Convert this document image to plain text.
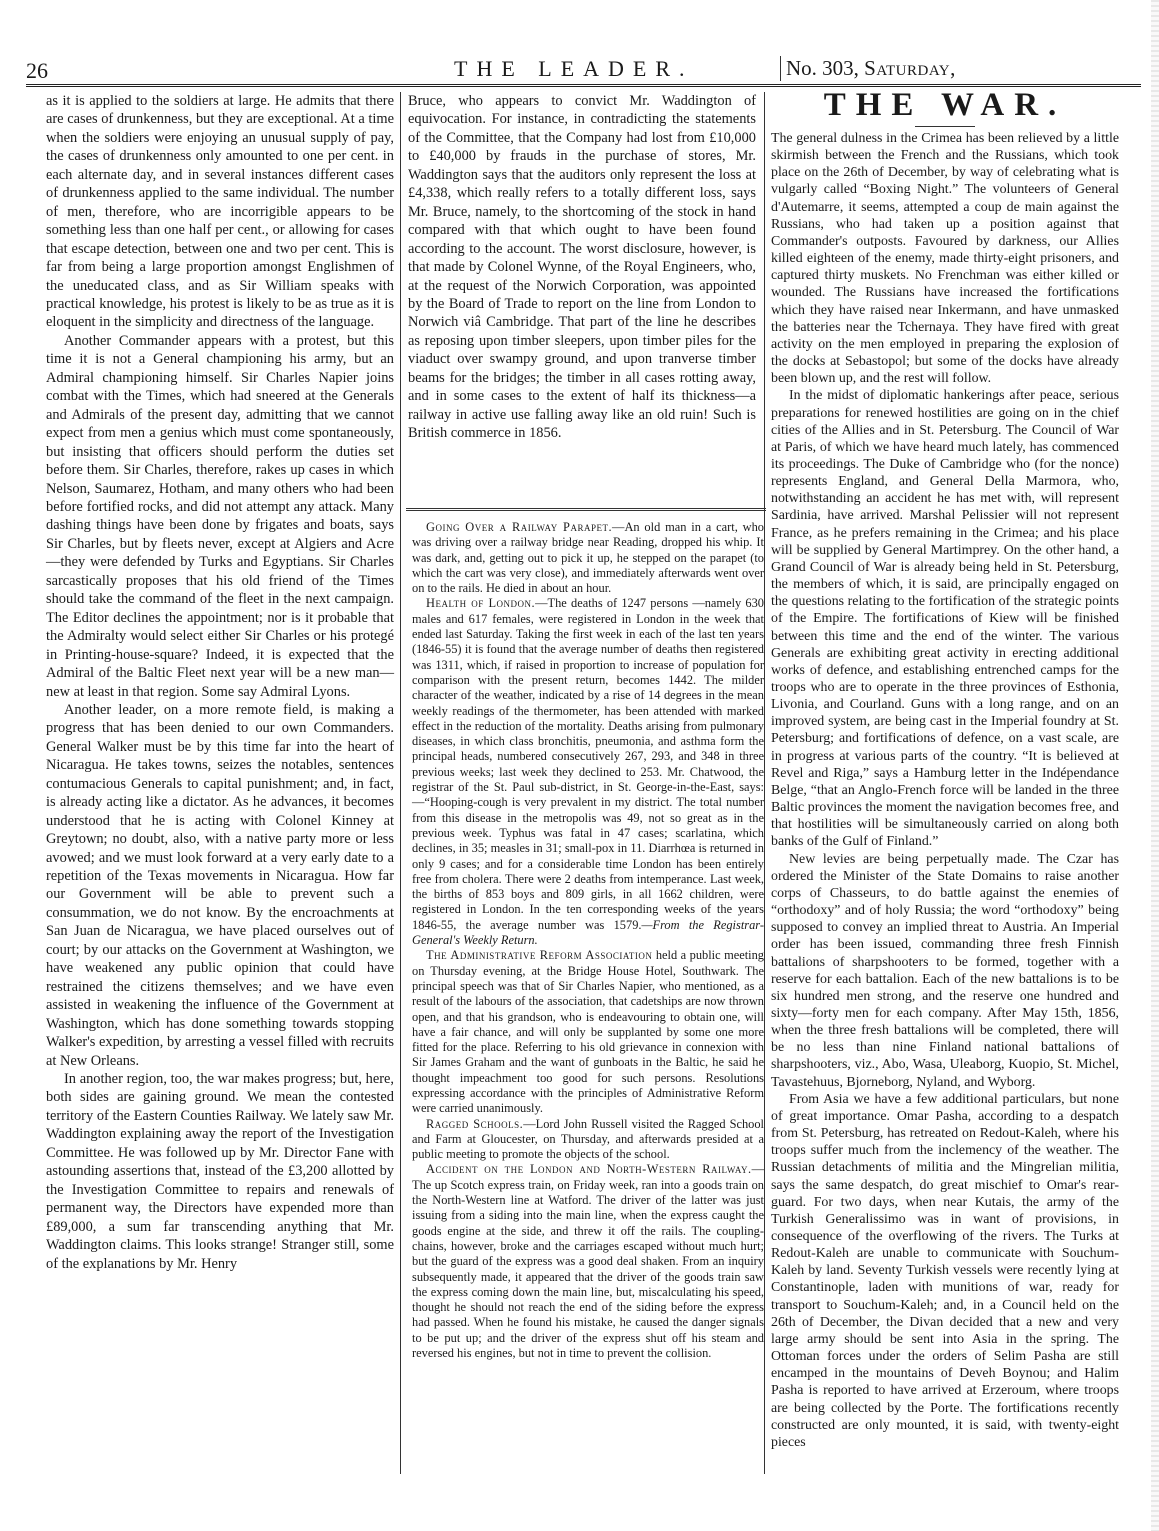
26	THE LEADER.	No. 303, Saturday,

as it is applied to the soldiers at large. He admits that there are cases of drunkenness, but they are exceptional. At a time when the soldiers were enjoying an unusual supply of pay, the cases of drunkenness only amounted to one per cent. in each alternate day, and in several instances different cases of drunkenness applied to the same individual. The number of men, therefore, who are incorrigible appears to be something less than one half per cent., or allowing for cases that escape detection, between one and two per cent. This is far from being a large proportion amongst Englishmen of the uneducated class, and as Sir William speaks with practical knowledge, his protest is likely to be as true as it is eloquent in the simplicity and directness of the language.

Another Commander appears with a protest, but this time it is not a General championing his army, but an Admiral championing himself. Sir Charles Napier joins combat with the Times, which had sneered at the Generals and Admirals of the present day, admitting that we cannot expect from men a genius which must come spontaneously, but insisting that officers should perform the duties set before them. Sir Charles, therefore, rakes up cases in which Nelson, Saumarez, Hotham, and many others who had been before fortified rocks, and did not attempt any attack. Many dashing things have been done by frigates and boats, says Sir Charles, but by fleets never, except at Algiers and Acre—they were defended by Turks and Egyptians. Sir Charles sarcastically proposes that his old friend of the Times should take the command of the fleet in the next campaign. The Editor declines the appointment; nor is it probable that the Admiralty would select either Sir Charles or his protegé in Printing-house-square? Indeed, it is expected that the Admiral of the Baltic Fleet next year will be a new man—new at least in that region. Some say Admiral Lyons.

Another leader, on a more remote field, is making a progress that has been denied to our own Commanders. General Walker must be by this time far into the heart of Nicaragua. He takes towns, seizes the notables, sentences contumacious Generals to capital punishment; and, in fact, is already acting like a dictator. As he advances, it becomes understood that he is acting with Colonel Kinney at Greytown; no doubt, also, with a native party more or less avowed; and we must look forward at a very early date to a repetition of the Texas movements in Nicaragua. How far our Government will be able to prevent such a consummation, we do not know. By the encroachments at San Juan de Nicaragua, we have placed ourselves out of court; by our attacks on the Government at Washington, we have weakened any public opinion that could have restrained the citizens themselves; and we have even assisted in weakening the influence of the Government at Washington, which has done something towards stopping Walker's expedition, by arresting a vessel filled with recruits at New Orleans.

In another region, too, the war makes progress; but, here, both sides are gaining ground. We mean the contested territory of the Eastern Counties Railway. We lately saw Mr. Waddington explaining away the report of the Investigation Committee. He was followed up by Mr. Director Fane with astounding assertions that, instead of the £3,200 allotted by the Investigation Committee to repairs and renewals of permanent way, the Directors have expended more than £89,000, a sum far transcending anything that Mr. Waddington claims. This looks strange! Stranger still, some of the explanations by Mr. Henry

Bruce, who appears to convict Mr. Waddington of equivocation. For instance, in contradicting the statements of the Committee, that the Company had lost from £10,000 to £40,000 by frauds in the purchase of stores, Mr. Waddington says that the auditors only represent the loss at £4,338, which really refers to a totally different loss, says Mr. Bruce, namely, to the shortcoming of the stock in hand compared with that which ought to have been found according to the account. The worst disclosure, however, is that made by Colonel Wynne, of the Royal Engineers, who, at the request of the Norwich Corporation, was appointed by the Board of Trade to report on the line from London to Norwich viâ Cambridge. That part of the line he describes as reposing upon timber sleepers, upon timber piles for the viaduct over swampy ground, and upon tranverse timber beams for the bridges; the timber in all cases rotting away, and in some cases to the extent of half its thickness—a railway in active use falling away like an old ruin! Such is British commerce in 1856.

Going Over a Railway Parapet.—An old man in a cart, who was driving over a railway bridge near Reading, dropped his whip. It was dark, and, getting out to pick it up, he stepped on the parapet (to which the cart was very close), and immediately afterwards went over on to the rails. He died in about an hour.

Health of London.—The deaths of 1247 persons —namely 630 males and 617 females, were registered in London in the week that ended last Saturday. Taking the first week in each of the last ten years (1846-55) it is found that the average number of deaths then registered was 1311, which, if raised in proportion to increase of population for comparison with the present return, becomes 1442. The milder character of the weather, indicated by a rise of 14 degrees in the mean weekly readings of the thermometer, has been attended with marked effect in the reduction of the mortality. Deaths arising from pulmonary diseases, in which class bronchitis, pneumonia, and asthma form the principal heads, numbered consecutively 267, 293, and 348 in three previous weeks; last week they declined to 253. Mr. Chatwood, the registrar of the St. Paul sub-district, in St. George-in-the-East, says:—“Hooping-cough is very prevalent in my district. The total number from this disease in the metropolis was 49, not so great as in the previous week. Typhus was fatal in 47 cases; scarlatina, which declines, in 35; measles in 31; small-pox in 11. Diarrhœa is returned in only 9 cases; and for a considerable time London has been entirely free from cholera. There were 2 deaths from intemperance. Last week, the births of 853 boys and 809 girls, in all 1662 children, were registered in London. In the ten corresponding weeks of the years 1846-55, the average number was 1579.—From the Registrar-General's Weekly Return.

The Administrative Reform Association held a public meeting on Thursday evening, at the Bridge House Hotel, Southwark. The principal speech was that of Sir Charles Napier, who mentioned, as a result of the labours of the association, that cadetships are now thrown open, and that his grandson, who is endeavouring to obtain one, will have a fair chance, and will only be supplanted by some one more fitted for the place. Referring to his old grievance in connexion with Sir James Graham and the want of gunboats in the Baltic, he said he thought impeachment too good for such persons. Resolutions expressing accordance with the principles of Administrative Reform were carried unanimously.

Ragged Schools.—Lord John Russell visited the Ragged School and Farm at Gloucester, on Thursday, and afterwards presided at a public meeting to promote the objects of the school.

Accident on the London and North-Western Railway.—The up Scotch express train, on Friday week, ran into a goods train on the North-Western line at Watford. The driver of the latter was just issuing from a siding into the main line, when the express caught the goods engine at the side, and threw it off the rails. The coupling-chains, however, broke and the carriages escaped without much hurt; but the guard of the express was a good deal shaken. From an inquiry subsequently made, it appeared that the driver of the goods train saw the express coming down the main line, but, miscalculating his speed, thought he should not reach the end of the siding before the express had passed. When he found his mistake, he caused the danger signals to be put up; and the driver of the express shut off his steam and reversed his engines, but not in time to prevent the collision.

THE WAR.

The general dulness in the Crimea has been relieved by a little skirmish between the French and the Russians, which took place on the 26th of December, by way of celebrating what is vulgarly called “Boxing Night.” The volunteers of General d'Autemarre, it seems, attempted a coup de main against the Russians, who had taken up a position against that Commander's outposts. Favoured by darkness, our Allies killed eighteen of the enemy, made thirty-eight prisoners, and captured thirty muskets. No Frenchman was either killed or wounded. The Russians have increased the fortifications which they have raised near Inkermann, and have unmasked the batteries near the Tchernaya. They have fired with great activity on the men employed in preparing the explosion of the docks at Sebastopol; but some of the docks have already been blown up, and the rest will follow.

In the midst of diplomatic hankerings after peace, serious preparations for renewed hostilities are going on in the chief cities of the Allies and in St. Petersburg. The Council of War at Paris, of which we have heard much lately, has commenced its proceedings. The Duke of Cambridge who (for the nonce) represents England, and General Della Marmora, who, notwithstanding an accident he has met with, will represent Sardinia, have arrived. Marshal Pelissier will not represent France, as he prefers remaining in the Crimea; and his place will be supplied by General Martimprey. On the other hand, a Grand Council of War is already being held in St. Petersburg, the members of which, it is said, are principally engaged on the questions relating to the fortification of the strategic points of the Empire. The fortifications of Kiew will be finished between this time and the end of the winter. The various Generals are exhibiting great activity in erecting additional works of defence, and establishing entrenched camps for the troops who are to operate in the three provinces of Esthonia, Livonia, and Courland. Guns with a long range, and on an improved system, are being cast in the Imperial foundry at St. Petersburg; and fortifications of defence, on a vast scale, are in progress at various parts of the country. “It is believed at Revel and Riga,” says a Hamburg letter in the Indépendance Belge, “that an Anglo-French force will be landed in the three Baltic provinces the moment the navigation becomes free, and that hostilities will be simultaneously carried on along both banks of the Gulf of Finland.”

New levies are being perpetually made. The Czar has ordered the Minister of the State Domains to raise another corps of Chasseurs, to do battle against the enemies of “orthodoxy” and of holy Russia; the word “orthodoxy” being supposed to convey an implied threat to Austria. An Imperial order has been issued, commanding three fresh Finnish battalions of sharpshooters to be formed, together with a reserve for each battalion. Each of the new battalions is to be six hundred men strong, and the reserve one hundred and sixty—forty men for each company. After May 15th, 1856, when the three fresh battalions will be completed, there will be no less than nine Finland national battalions of sharpshooters, viz., Abo, Wasa, Uleaborg, Kuopio, St. Michel, Tavastehuus, Bjorneborg, Nyland, and Wyborg.

From Asia we have a few additional particulars, but none of great importance. Omar Pasha, according to a despatch from St. Petersburg, has retreated on Redout-Kaleh, where his troops suffer much from the inclemency of the weather. The Russian detachments of militia and the Mingrelian militia, says the same despatch, do great mischief to Omar's rear-guard. For two days, when near Kutais, the army of the Turkish Generalissimo was in want of provisions, in consequence of the overflowing of the rivers. The Turks at Redout-Kaleh are unable to communicate with Souchum-Kaleh by land. Seventy Turkish vessels were recently lying at Constantinople, laden with munitions of war, ready for transport to Souchum-Kaleh; and, in a Council held on the 26th of December, the Divan decided that a new and very large army should be sent into Asia in the spring. The Ottoman forces under the orders of Selim Pasha are still encamped in the mountains of Deveh Boynou; and Halim Pasha is reported to have arrived at Erzeroum, where troops are being collected by the Porte. The fortifications recently constructed are only mounted, it is said, with twenty-eight pieces
